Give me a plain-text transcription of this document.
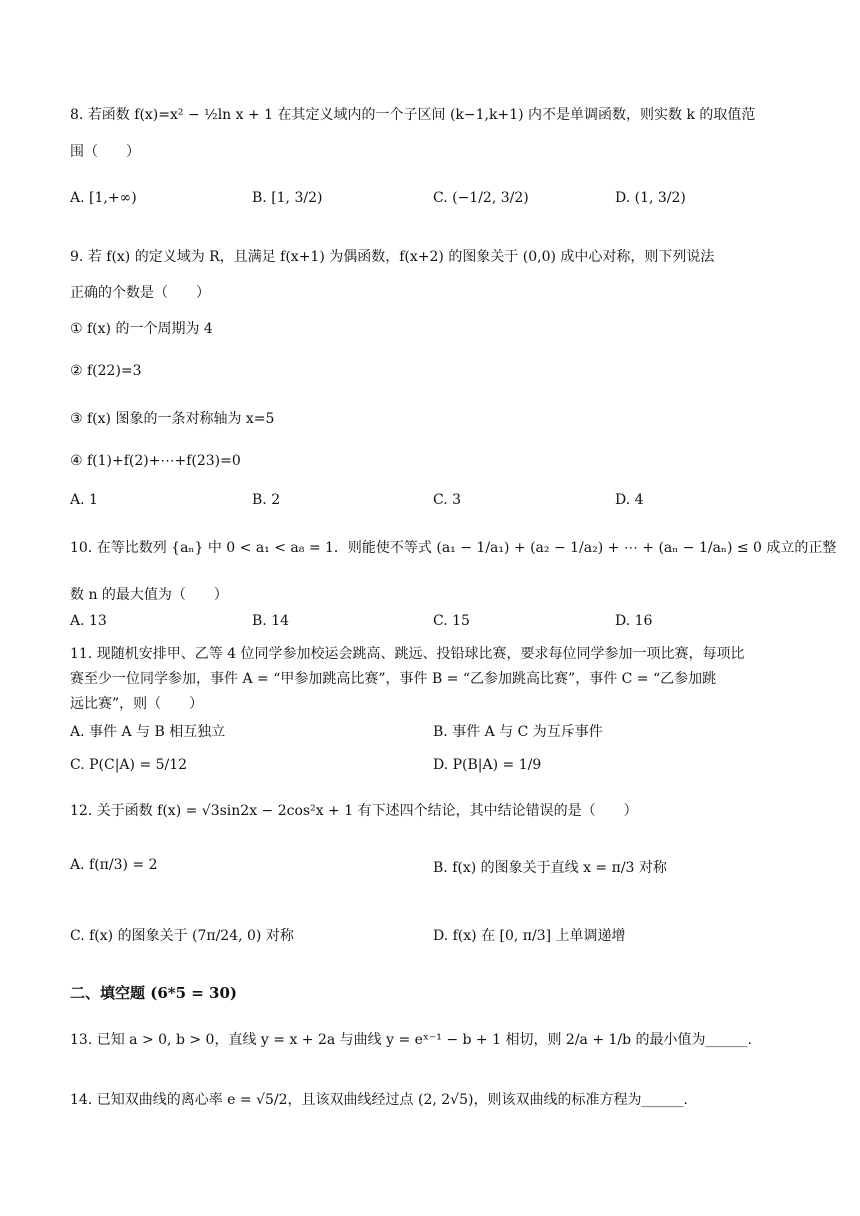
8. 若函数 f(x)=x² − ½ln x + 1 在其定义域内的一个子区间 (k−1,k+1) 内不是单调函数，则实数 k 的取值范
围（　　）
A. [1,+∞)	B. [1, 3/2)	C. (−1/2, 3/2)	D. (1, 3/2)
9. 若 f(x) 的定义域为 R，且满足 f(x+1) 为偶函数，f(x+2) 的图象关于 (0,0) 成中心对称，则下列说法
正确的个数是（　　）
① f(x) 的一个周期为 4
② f(22)=3
③ f(x) 图象的一条对称轴为 x=5
④ f(1)+f(2)+⋯+f(23)=0
A. 1	B. 2	C. 3	D. 4
10. 在等比数列 {aₙ} 中 0 < a₁ < a₈ = 1．则能使不等式 (a₁ − 1/a₁) + (a₂ − 1/a₂) + ⋯ + (aₙ − 1/aₙ) ≤ 0 成立的正整
数 n 的最大值为（　　）
A. 13	B. 14	C. 15	D. 16
11. 现随机安排甲、乙等 4 位同学参加校运会跳高、跳远、投铅球比赛，要求每位同学参加一项比赛，每项比
赛至少一位同学参加，事件 A = “甲参加跳高比赛”，事件 B = “乙参加跳高比赛”，事件 C = “乙参加跳
远比赛”，则（　　）
A. 事件 A 与 B 相互独立	B. 事件 A 与 C 为互斥事件
C. P(C|A) = 5/12	D. P(B|A) = 1/9
12. 关于函数 f(x) = √3sin2x − 2cos²x + 1 有下述四个结论，其中结论错误的是（　　）
A. f(π/3) = 2	B. f(x) 的图象关于直线 x = π/3 对称
C. f(x) 的图象关于 (7π/24, 0) 对称	D. f(x) 在 [0, π/3] 上单调递增
二、填空题 (6*5 = 30)
13. 已知 a > 0, b > 0，直线 y = x + 2a 与曲线 y = eˣ⁻¹ − b + 1 相切，则 2/a + 1/b 的最小值为______.
14. 已知双曲线的离心率 e = √5/2，且该双曲线经过点 (2, 2√5)，则该双曲线的标准方程为______.
